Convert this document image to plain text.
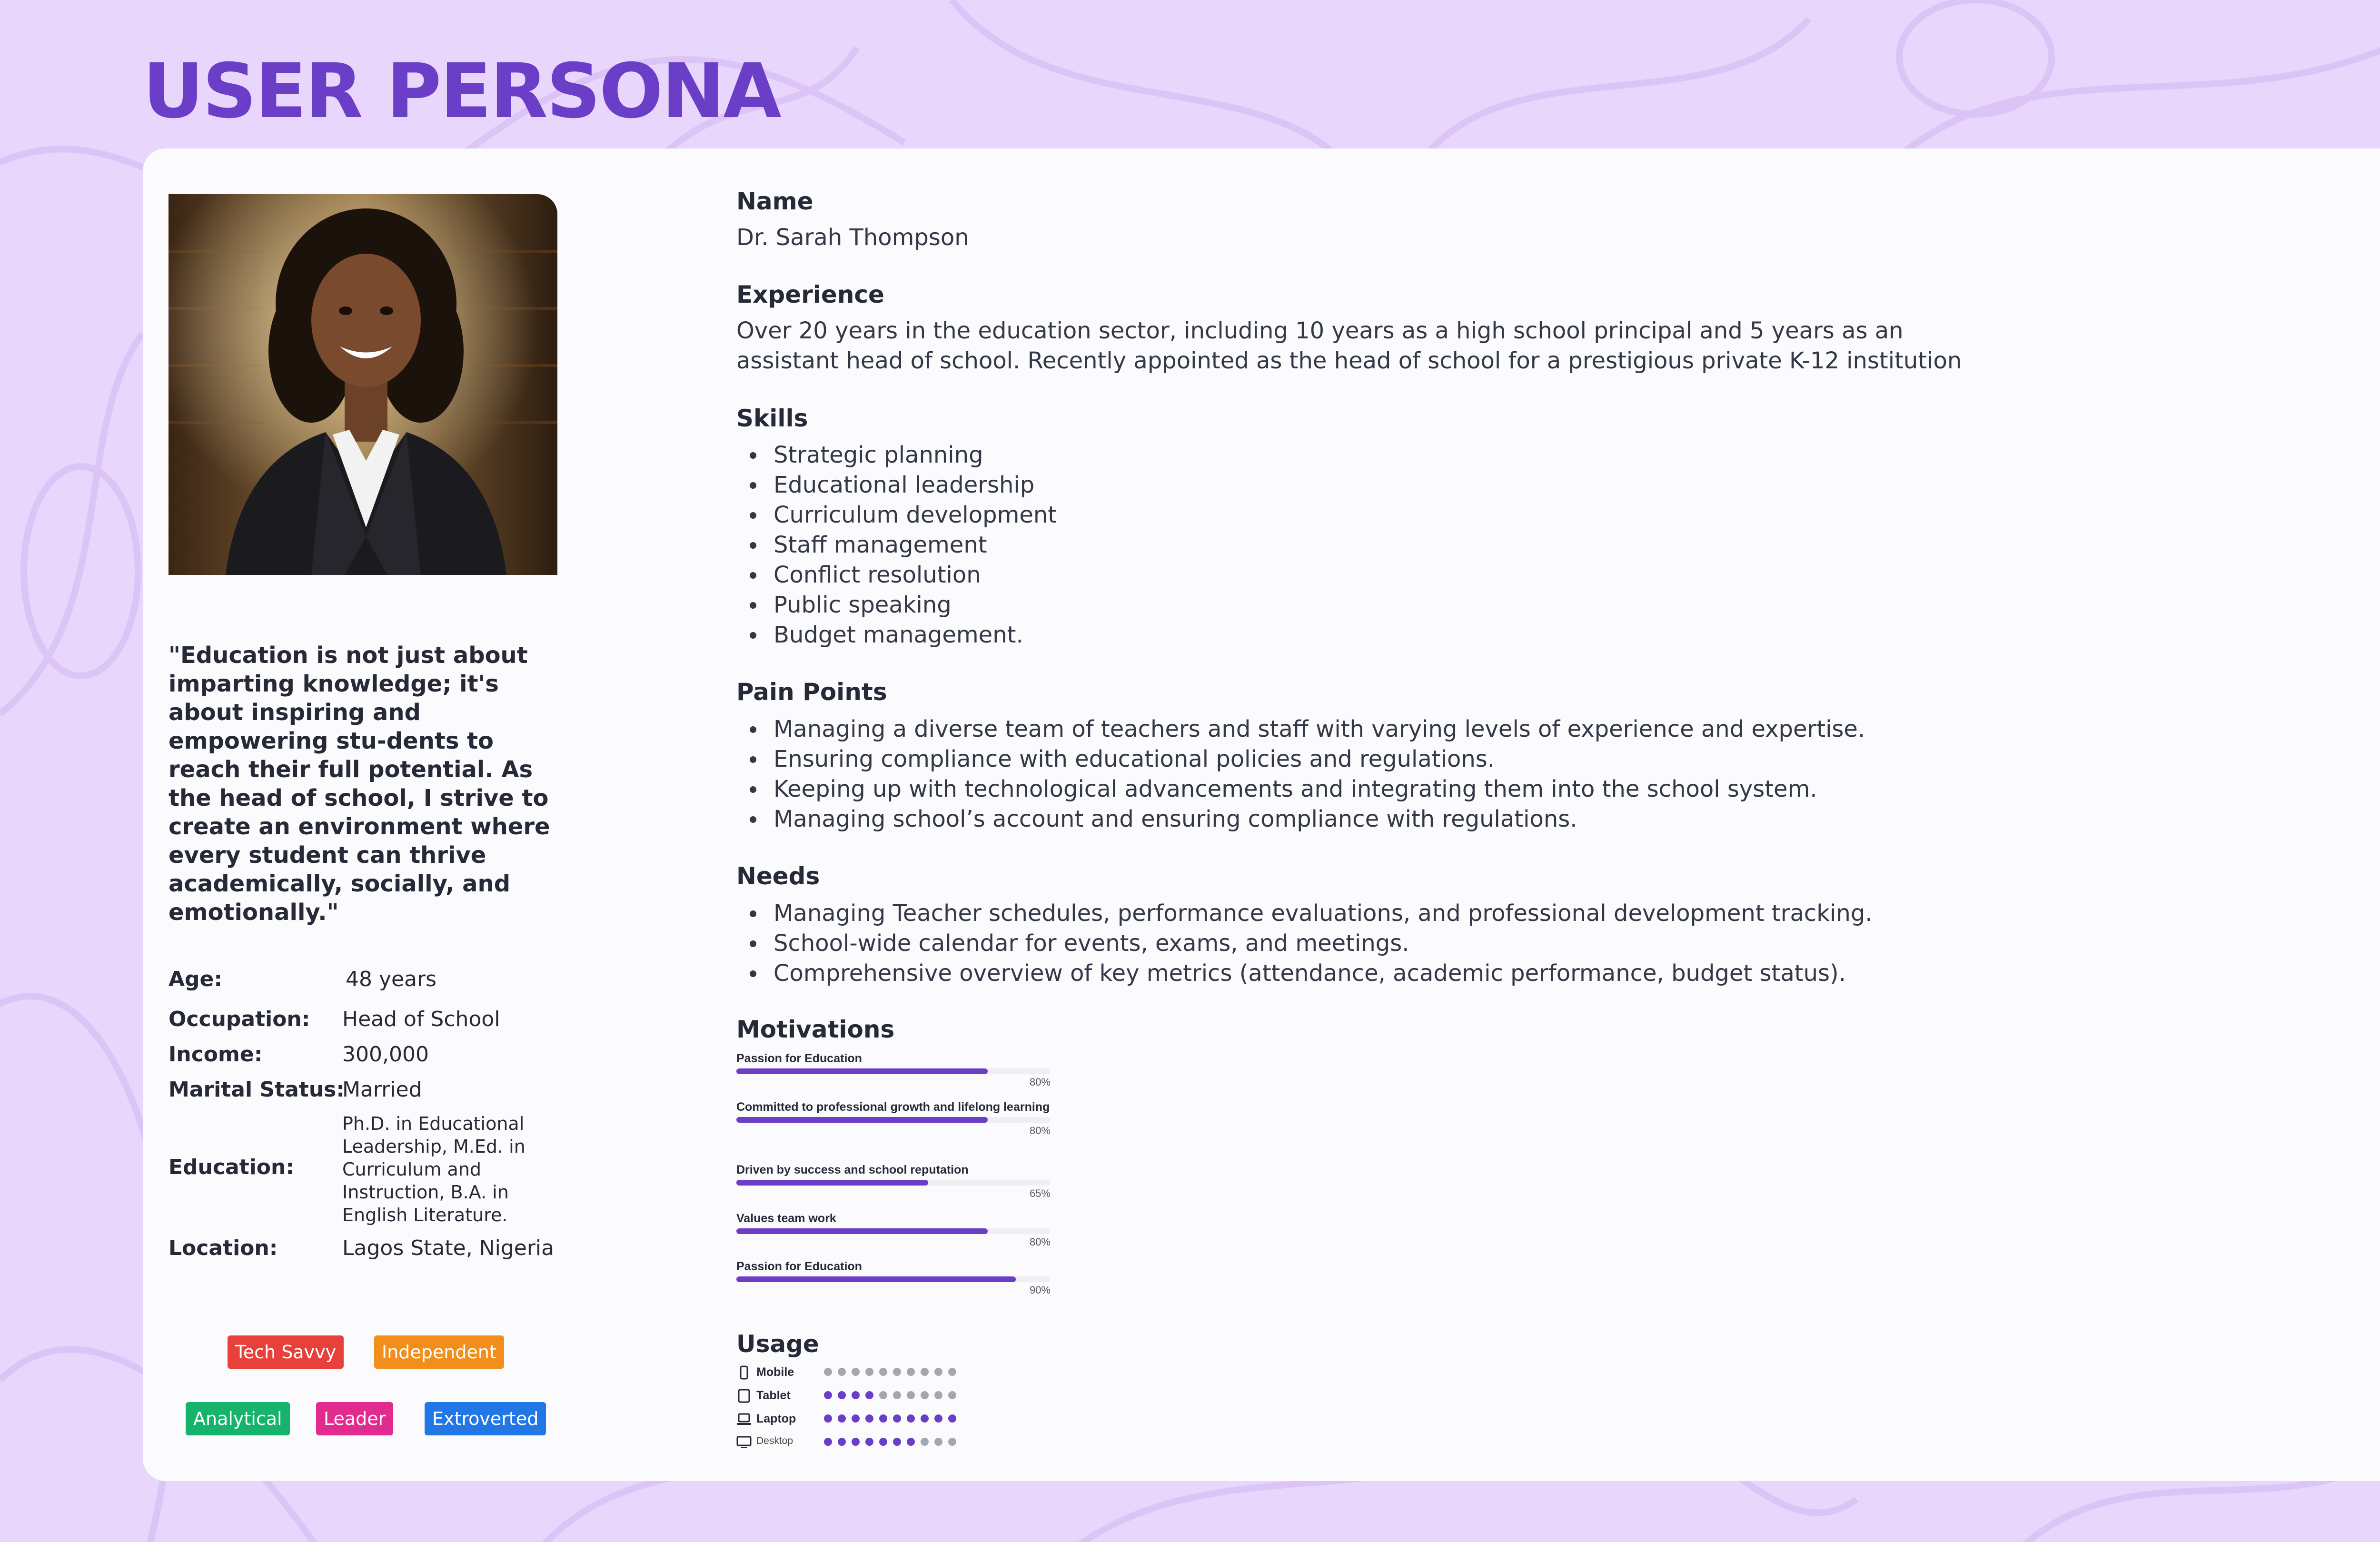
USER PERSONA
"Education is not just about imparting knowledge; it's about inspiring and empowering stu-dents to reach their full potential. As the head of school, I strive to create an environment where every student can thrive academically, socially, and emotionally."
Age:	48 years
Occupation: Head of School
Income:	300,000
Marital Status:
Married
Education:
Ph.D. in Educational Leadership, M.Ed. in Curriculum and Instruction, B.A. in English Literature.
Location:	Lagos State, Nigeria
Tech Savvy	Independent
Analytical	Leader	Extroverted
Name
Dr. Sarah Thompson
Experience
Over 20 years in the education sector, including 10 years as a high school principal and 5 years as an
assistant head of school. Recently appointed as the head of school for a prestigious private K-12 institution
Skills
Strategic planning
Educational leadership
Curriculum development
Staff management
Conflict resolution
Public speaking
Budget management.
Pain Points
Managing a diverse team of teachers and staff with varying levels of experience and expertise.
Ensuring compliance with educational policies and regulations.
Keeping up with technological advancements and integrating them into the school system.
Managing school’s account and ensuring compliance with regulations.
Needs
Managing Teacher schedules, performance evaluations, and professional development tracking.
School-wide calendar for events, exams, and meetings.
Comprehensive overview of key metrics (attendance, academic performance, budget status).
Motivations
Passion for Education
80%
Committed to professional growth and lifelong learning
80%
Driven by success and school reputation
65%
Values team work
80%
Passion for Education
90%
Usage
Mobile
Tablet
Laptop
Desktop
